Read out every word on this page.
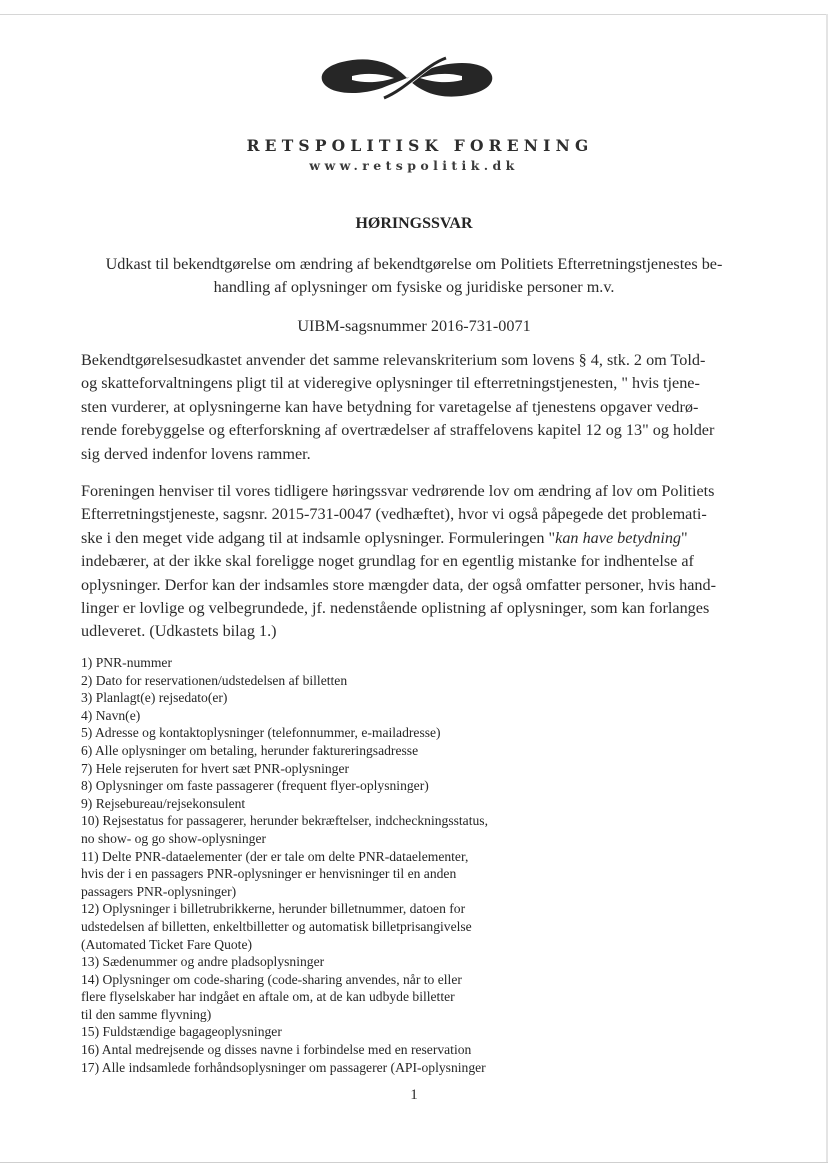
RETSPOLITISK FORENING
www.retspolitik.dk
HØRINGSSVAR
Udkast til bekendtgørelse om ændring af bekendtgørelse om Politiets Efterretningstjenestes be-
handling af oplysninger om fysiske og juridiske personer m.v.
UIBM-sagsnummer 2016-731-0071
Bekendtgørelsesudkastet anvender det samme relevanskriterium som lovens § 4, stk. 2 om Told-
og skatteforvaltningens pligt til at videregive oplysninger til efterretningstjenesten, " hvis tjene-
sten vurderer, at oplysningerne kan have betydning for varetagelse af tjenestens opgaver vedrø-
rende forebyggelse og efterforskning af overtrædelser af straffelovens kapitel 12 og 13" og holder
sig derved indenfor lovens rammer.
Foreningen henviser til vores tidligere høringssvar vedrørende lov om ændring af lov om Politiets
Efterretningstjeneste, sagsnr. 2015-731-0047 (vedhæftet), hvor vi også påpegede det problemati-
ske i den meget vide adgang til at indsamle oplysninger. Formuleringen "kan have betydning"
indebærer, at der ikke skal foreligge noget grundlag for en egentlig mistanke for indhentelse af
oplysninger. Derfor kan der indsamles store mængder data, der også omfatter personer, hvis hand-
linger er lovlige og velbegrundede, jf. nedenstående oplistning af oplysninger, som kan forlanges
udleveret. (Udkastets bilag 1.)
1) PNR-nummer
2) Dato for reservationen/udstedelsen af billetten
3) Planlagt(e) rejsedato(er)
4) Navn(e)
5) Adresse og kontaktoplysninger (telefonnummer, e-mailadresse)
6) Alle oplysninger om betaling, herunder faktureringsadresse
7) Hele rejseruten for hvert sæt PNR-oplysninger
8) Oplysninger om faste passagerer (frequent flyer-oplysninger)
9) Rejsebureau/rejsekonsulent
10) Rejsestatus for passagerer, herunder bekræftelser, indcheckningsstatus,
no show- og go show-oplysninger
11) Delte PNR-dataelementer (der er tale om delte PNR-dataelementer,
hvis der i en passagers PNR-oplysninger er henvisninger til en anden
passagers PNR-oplysninger)
12) Oplysninger i billetrubrikkerne, herunder billetnummer, datoen for
udstedelsen af billetten, enkeltbilletter og automatisk billetprisangivelse
(Automated Ticket Fare Quote)
13) Sædenummer og andre pladsoplysninger
14) Oplysninger om code-sharing (code-sharing anvendes, når to eller
flere flyselskaber har indgået en aftale om, at de kan udbyde billetter
til den samme flyvning)
15) Fuldstændige bagageoplysninger
16) Antal medrejsende og disses navne i forbindelse med en reservation
17) Alle indsamlede forhåndsoplysninger om passagerer (API-oplysninger
1
